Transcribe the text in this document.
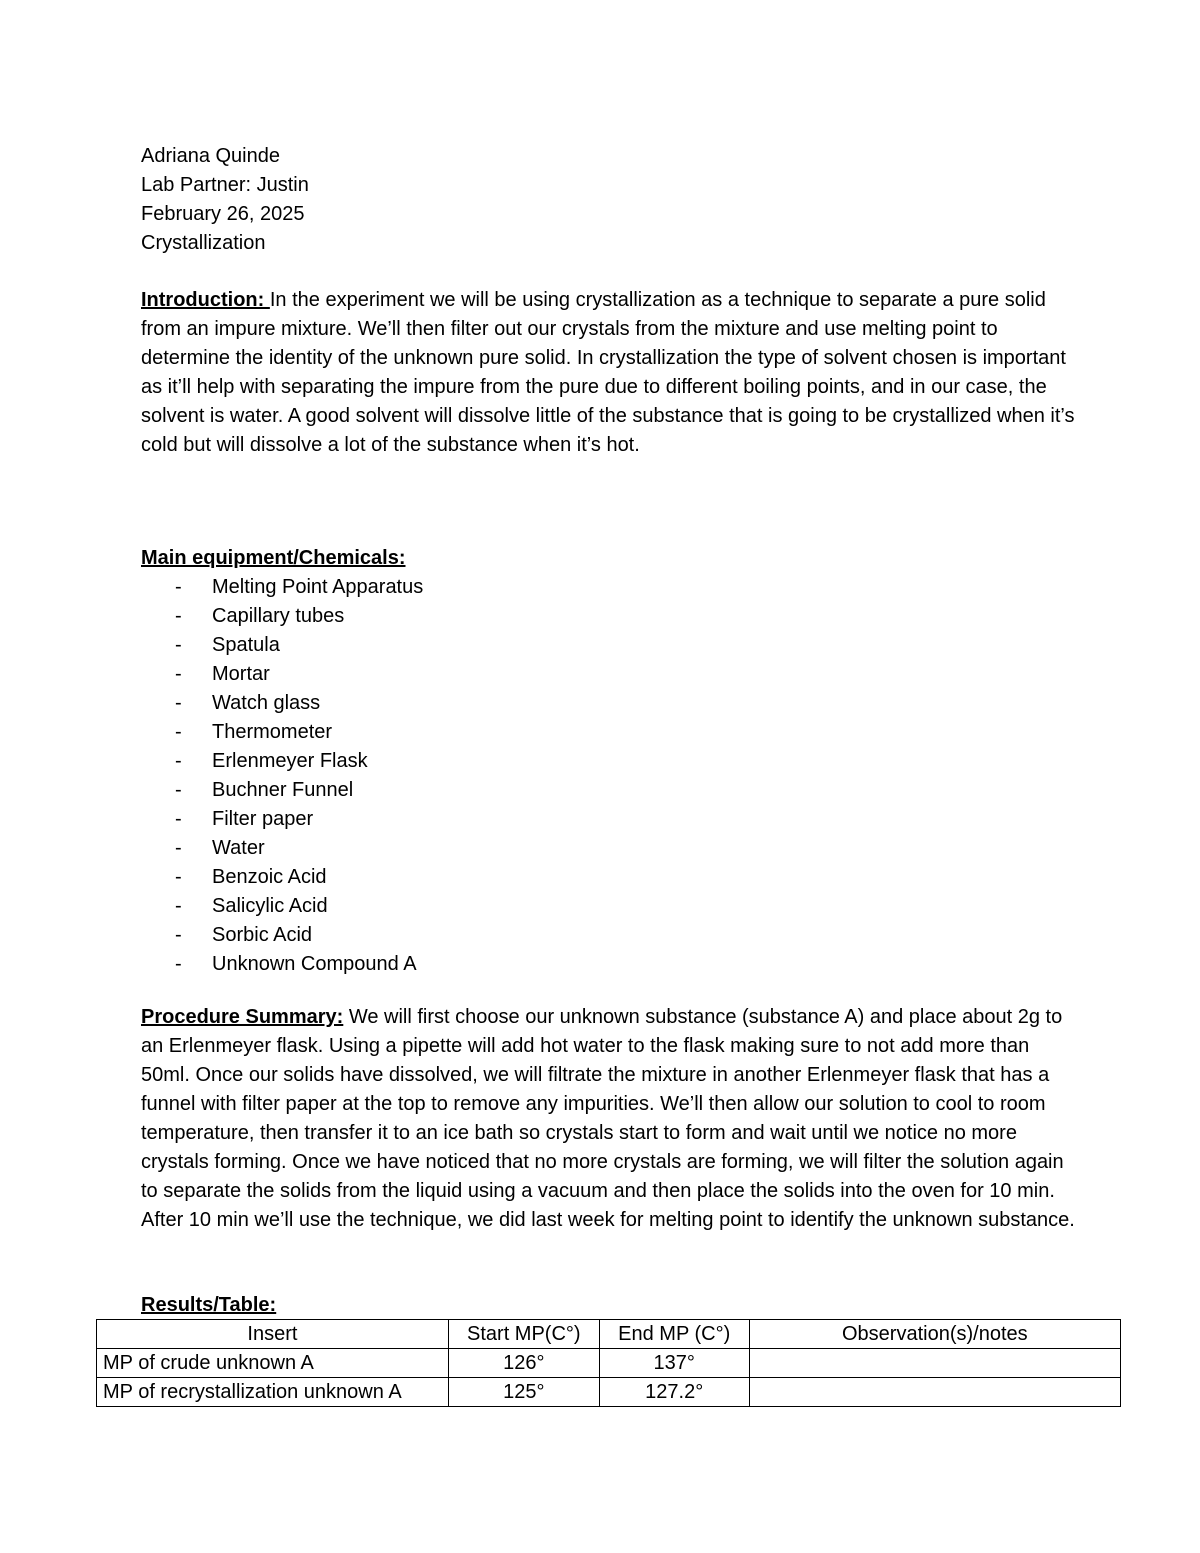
Adriana Quinde
Lab Partner: Justin
February 26, 2025
Crystallization
Introduction: In the experiment we will be using crystallization as a technique to separate a pure solid from an impure mixture. We’ll then filter out our crystals from the mixture and use melting point to determine the identity of the unknown pure solid. In crystallization the type of solvent chosen is important as it’ll help with separating the impure from the pure due to different boiling points, and in our case, the solvent is water. A good solvent will dissolve little of the substance that is going to be crystallized when it’s cold but will dissolve a lot of the substance when it’s hot.
Main equipment/Chemicals:
- Melting Point Apparatus
- Capillary tubes
- Spatula
- Mortar
- Watch glass
- Thermometer
- Erlenmeyer Flask
- Buchner Funnel
- Filter paper
- Water
- Benzoic Acid
- Salicylic Acid
- Sorbic Acid
- Unknown Compound A
Procedure Summary: We will first choose our unknown substance (substance A) and place about 2g to an Erlenmeyer flask. Using a pipette will add hot water to the flask making sure to not add more than 50ml. Once our solids have dissolved, we will filtrate the mixture in another Erlenmeyer flask that has a funnel with filter paper at the top to remove any impurities. We’ll then allow our solution to cool to room temperature, then transfer it to an ice bath so crystals start to form and wait until we notice no more crystals forming. Once we have noticed that no more crystals are forming, we will filter the solution again to separate the solids from the liquid using a vacuum and then place the solids into the oven for 10 min. After 10 min we’ll use the technique, we did last week for melting point to identify the unknown substance.
Results/Table:
Insert	Start MP(C°)	End MP (C°)	Observation(s)/notes
MP of crude unknown A	126°	137°	
MP of recrystallization unknown A	125°	127.2°	
